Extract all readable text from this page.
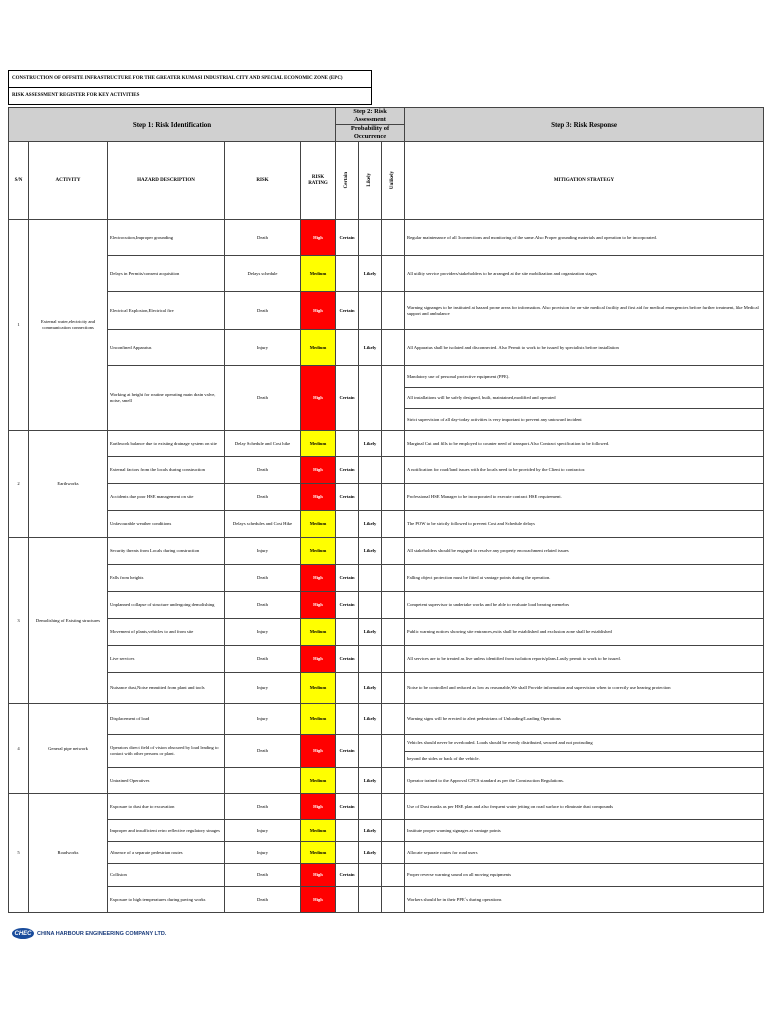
CONSTRUCTION OF OFFSITE INFRASTRUCTURE FOR THE GREATER KUMASI INDUSTRIAL CITY AND SPECIAL ECONOMIC ZONE (EPC)
RISK ASSESSMENT REGISTER FOR KEY ACTIVITIES
Step 1: Risk Identification					Step 2: Risk Assessment			Step 3: Risk Response
					Probability of Occurrence			
S/N	ACTIVITY	HAZARD DESCRIPTION	RISK	RISK RATING	Certain	Likely	Unlikely	MITIGATION STRATEGY
1	External water,electricity and communication connections	Electrocution,Improper grounding	Death	High	Certain			Regular maintenance of all 3connections and monitoring of the same.Also Proper grounding materials and operation to be incorporated.

		Delays in Permits/consent acquisition	Delays schedule	Medium		Likely		All utility service providers/stakeholders to be arranged at the site mobilization and organization stages

		Electrical Explosion,Electrical fire	Death	High	Certain			Warning signanges to be instituted at hazard prone areas for information. Also provision for on-site medical facility and first aid for medical emergencies before further treatment, like Medical support and ambulance

		Unconfined Apparatus	Injury	Medium		Likely		All Apparatus shall be isolated and disconnected. Also Permit to work to be issued by specialists before installation

		Working at height for routine operating main drain valve, noise, smell	Death	High	Certain			Mandatory use of personal protective equipment (PPE).
All installations will be safely designed, built, maintained,modified and operated
Strict supervision of all day-today activities is very important to prevent any untoward incident

2	Earthworks	Earthwork balance due to existing drainage system on site	Delay Schedule and Cost hike	Medium		Likely		Marginal Cut and fills to be employed to counter need of transport.Also Contract specification to be followed.

		External factors from the locals during construction	Death	High	Certain			A notification for road/land issues with the locals need to be provided by the Client to contractor.

		Accidents due poor HSE management on site	Death	High	Certain			Professional HSE Manager to be incorporated to execute contract HSE requirement.

		Unfavourable weather conditions	Delays schedules and Cost Hike	Medium		Likely		The POW to be strictly followed to prevent Cost and Schedule delays

3	Demolishing of Existing structures	Security threats from Locals during construction	Injury	Medium		Likely		All stakeholders should be engaged to resolve any property encroachment related issues

		Falls from heights	Death	High	Certain			Falling object protection must be fitted at vantage points during the operation.

		Unplanned collapse of structure undergoing demolishing	Death	High	Certain			Competent supervisor to undertake works and be able to evaluate load bearing memebrs

		Movement of plants,vehicles to and from site	Injury	Medium		Likely		Public warning notices showing site entrances,exits shall be established and exclusion zone shall be established

		Live services	Death	High	Certain			All services are to be treated as live unless identified from isolation reports/plans.Lastly permit to work to be issued.

		Nuisance dust,Noise emmitted from plant and tools	Injury	Medium		Likely		Noise to be controlled and reduced as low as reasonable,We shall Provide information and supervision when to correctly use hearing protection

4	General pipe network	Displacement of load	Injury	Medium		Likely		Warning signs will be erected to alert pedestrians of Unloading/Loading Operations

		Operators direct field of vision obscured by load leading to contact with other persons or plant.	Death	High	Certain			Vehicles should never be overloaded. Loads should be evenly distributed, secured and not protruding
beyond the sides or back of the vehicle.

		Untrained Operatives		Medium		Likely		Operator trained to the Approval CPCS standard as per the Construction Regulations.

5	Roadworks	Exposure to dust due to excavation	Death	High	Certain			Use of Dust masks as per HSE plan and also frequent water jetting on road surface to eliminate dust compounds

		Improper and insufficient retro reflective regulatory sinages	Injury	Medium		Likely		Institute proper warning signages at vantage points

		Absence of a separate pedestrian routes	Injury	Medium		Likely		Allocate separate routes for road users

		Collision	Death	High	Certain			Proper reverse warning sound on all moving equipments

		Exposure to high temperatures during paving works	Death	High				Workers should be in their PPE`s during operations
CHEC	CHINA HARBOUR ENGINEERING COMPANY LTD.
